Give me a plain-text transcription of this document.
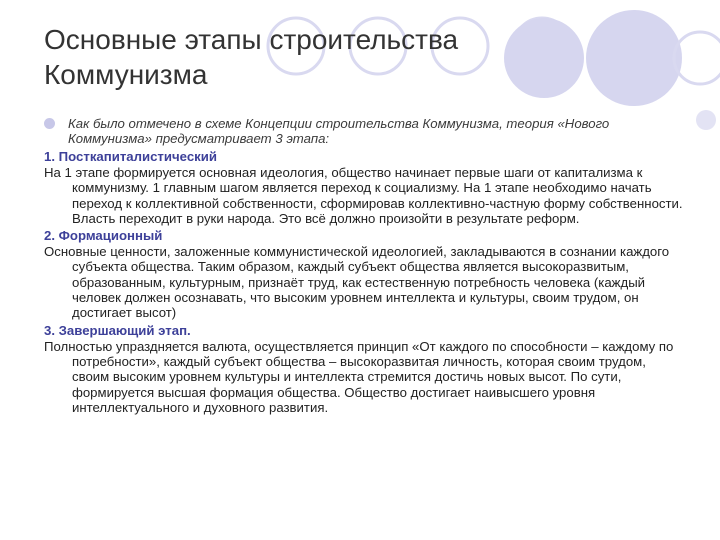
Основные этапы строительства Коммунизма

Как было отмечено в схеме Концепции строительства Коммунизма, теория «Нового Коммунизма» предусматривает 3 этапа:

1. Посткапиталистический

На 1 этапе формируется основная идеология, общество начинает первые шаги от капитализма к коммунизму. 1 главным шагом является переход к социализму. На 1 этапе необходимо начать переход к коллективной собственности, сформировав коллективно-частную форму собственности. Власть переходит в руки народа. Это всё должно произойти в результате реформ.

2. Формационный

Основные ценности, заложенные коммунистической идеологией, закладываются в сознании каждого субъекта общества. Таким образом, каждый субъект общества является высокоразвитым, образованным, культурным, признаёт труд, как естественную потребность человека (каждый человек должен осознавать, что высоким уровнем интеллекта и культуры, своим трудом, он достигает высот)

3. Завершающий этап.

Полностью упраздняется валюта, осуществляется принцип «От каждого по способности – каждому по потребности», каждый субъект общества – высокоразвитая личность, которая своим трудом, своим высоким уровнем культуры и интеллекта стремится достичь новых высот. По сути, формируется высшая формация общества. Общество достигает наивысшего уровня интеллектуального и духовного развития.
